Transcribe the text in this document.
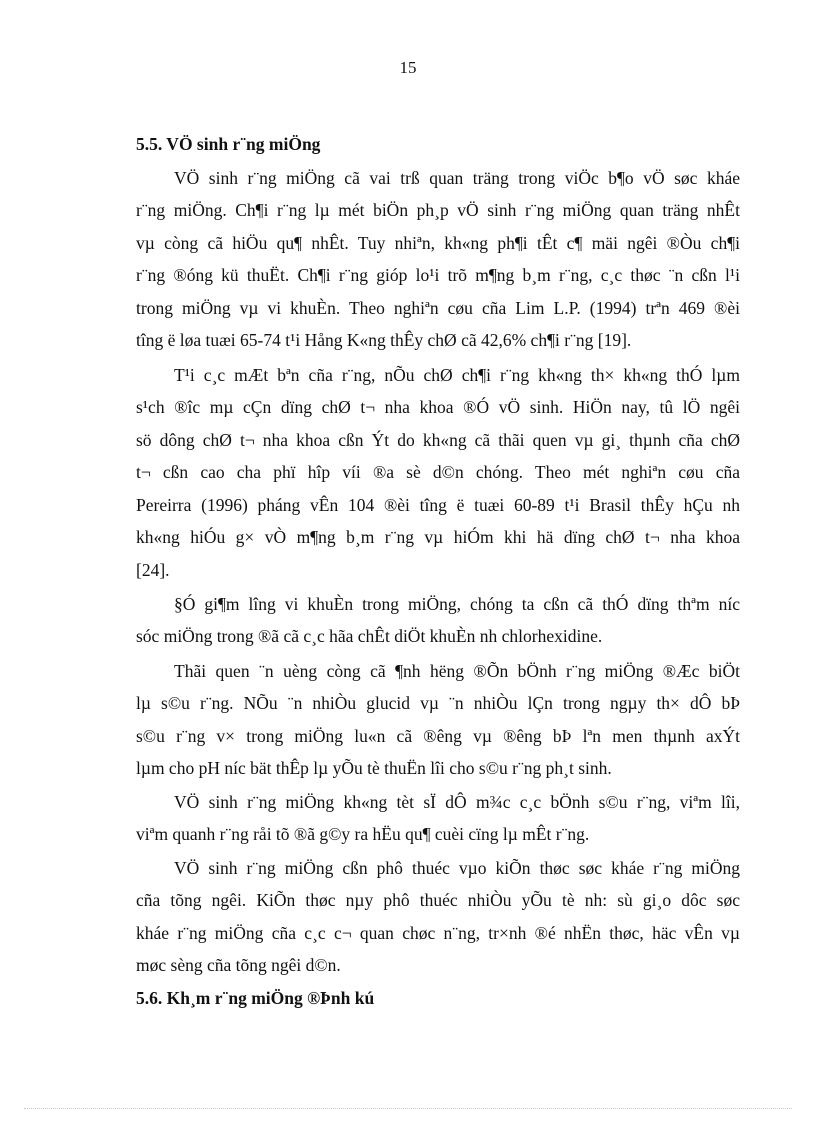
15
5.5. VÖ sinh r¨ng miÖng
VÖ sinh r¨ng miÖng cã vai trß quan träng trong viÖc b¶o vÖ søc kháe
r¨ng miÖng. Ch¶i r¨ng lµ mét biÖn ph¸p vÖ sinh r¨ng miÖng quan träng nhÊt
vµ còng cã hiÖu qu¶ nhÊt. Tuy nhiªn, kh«ng ph¶i tÊt c¶ mäi ngêi ®Òu ch¶i
r¨ng ®óng kü thuËt. Ch¶i r¨ng gióp lo¹i trõ m¶ng b¸m r¨ng, c¸c thøc ¨n cßn l¹i
trong miÖng vµ vi khuÈn. Theo nghiªn cøu cña Lim L.P. (1994) trªn 469 ®èi
tîng ë løa tuæi 65-74 t¹i Hång K«ng thÊy chØ cã 42,6% ch¶i r¨ng [19].
T¹i c¸c mÆt bªn cña r¨ng, nÕu chØ ch¶i r¨ng kh«ng th× kh«ng thÓ lµm
s¹ch ®îc mµ cÇn dïng chØ t¬ nha khoa ®Ó vÖ sinh. HiÖn nay, tû lÖ ngêi
sö dông chØ t¬ nha khoa cßn Ýt do kh«ng cã thãi quen vµ gi¸ thµnh cña chØ
t¬ cßn cao cha phï hîp víi ®a sè d©n chóng. Theo mét nghiªn cøu cña
Pereirra (1996) pháng vÊn 104 ®èi tîng ë tuæi 60-89 t¹i Brasil thÊy hÇu nh
kh«ng hiÓu g× vÒ m¶ng b¸m r¨ng vµ hiÓm khi hä dïng chØ t¬ nha khoa
[24].
§Ó gi¶m lîng vi khuÈn trong miÖng, chóng ta cßn cã thÓ dïng thªm níc
sóc miÖng trong ®ã cã c¸c hãa chÊt diÖt khuÈn nh chlorhexidine.
Thãi quen ¨n uèng còng cã ¶nh hëng ®Õn bÖnh r¨ng miÖng ®Æc biÖt
lµ s©u r¨ng. NÕu ¨n nhiÒu glucid vµ ¨n nhiÒu lÇn trong ngµy th× dÔ bÞ
s©u r¨ng v× trong miÖng lu«n cã ®êng vµ ®êng bÞ lªn men thµnh axÝt
lµm cho pH níc bät thÊp lµ yÕu tè thuËn lîi cho s©u r¨ng ph¸t sinh.
VÖ sinh r¨ng miÖng kh«ng tèt sÏ dÔ m¾c c¸c bÖnh s©u r¨ng, viªm lîi,
viªm quanh r¨ng råi tõ ®ã g©y ra hËu qu¶ cuèi cïng lµ mÊt r¨ng.
VÖ sinh r¨ng miÖng cßn phô thuéc vµo kiÕn thøc søc kháe r¨ng miÖng
cña tõng ngêi. KiÕn thøc nµy phô thuéc nhiÒu yÕu tè nh: sù gi¸o dôc søc
kháe r¨ng miÖng cña c¸c c¬ quan chøc n¨ng, tr×nh ®é nhËn thøc, häc vÊn vµ
møc sèng cña tõng ngêi d©n.
5.6. Kh¸m r¨ng miÖng ®Þnh kú
